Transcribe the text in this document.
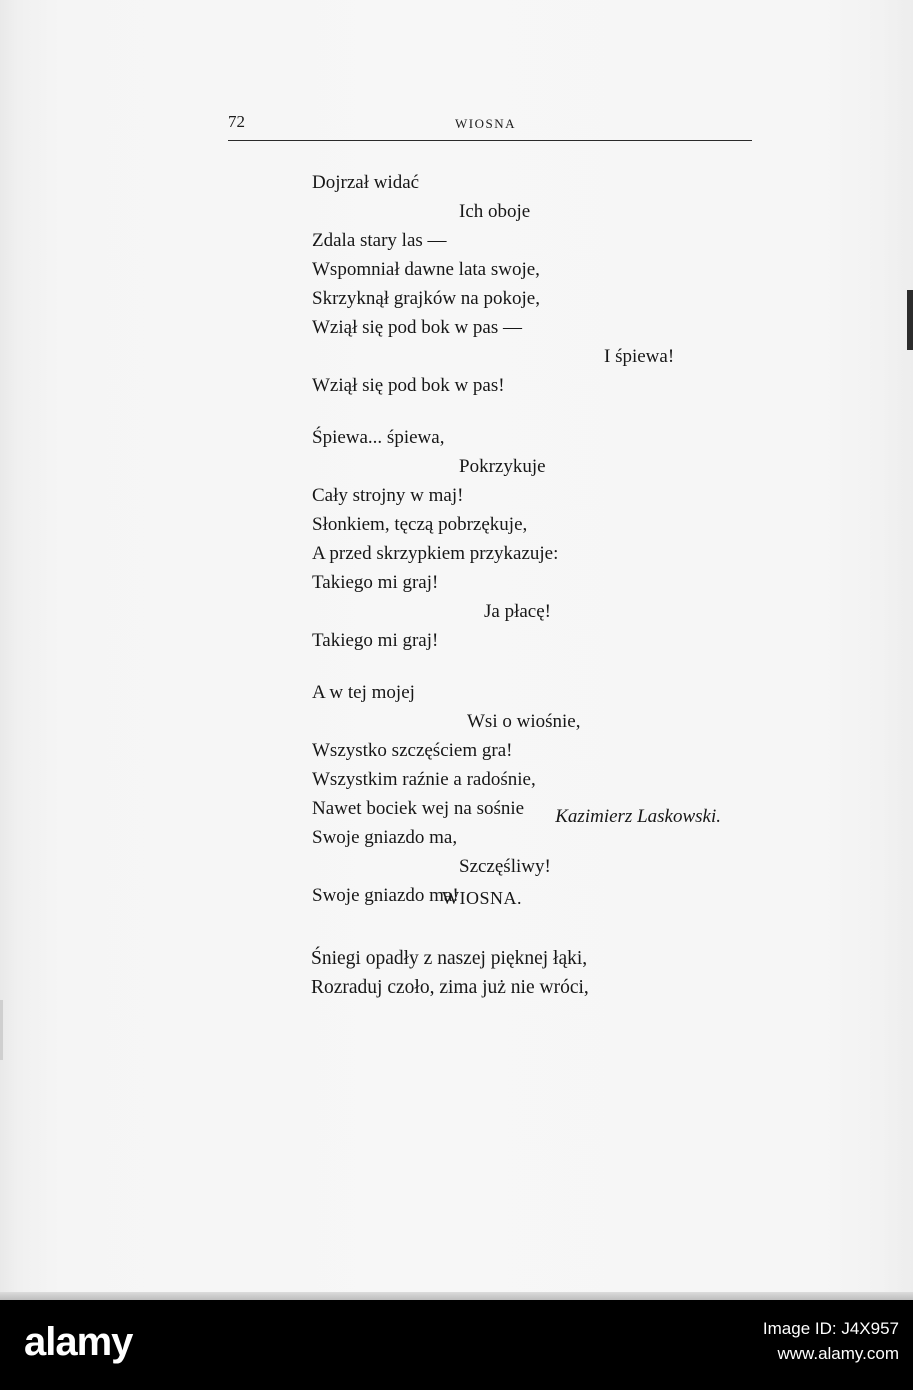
72	WIOSNA
Dojrzał widać
Ich oboje
Zdala stary las —
Wspomniał dawne lata swoje,
Skrzyknął grajków na pokoje,
Wziął się pod bok w pas —
I śpiewa!
Wziął się pod bok w pas!
Śpiewa... śpiewa,
Pokrzykuje
Cały strojny w maj!
Słonkiem, tęczą pobrzękuje,
A przed skrzypkiem przykazuje:
Takiego mi graj!
Ja płacę!
Takiego mi graj!
A w tej mojej
Wsi o wiośnie,
Wszystko szczęściem gra!
Wszystkim raźnie a radośnie,
Nawet bociek wej na sośnie
Swoje gniazdo ma,
Szczęśliwy!
Swoje gniazdo ma!
Kazimierz Laskowski.
WIOSNA.
Śniegi opadły z naszej pięknej łąki,
Rozraduj czoło, zima już nie wróci,
alamy	Image ID: J4X957
www.alamy.com
